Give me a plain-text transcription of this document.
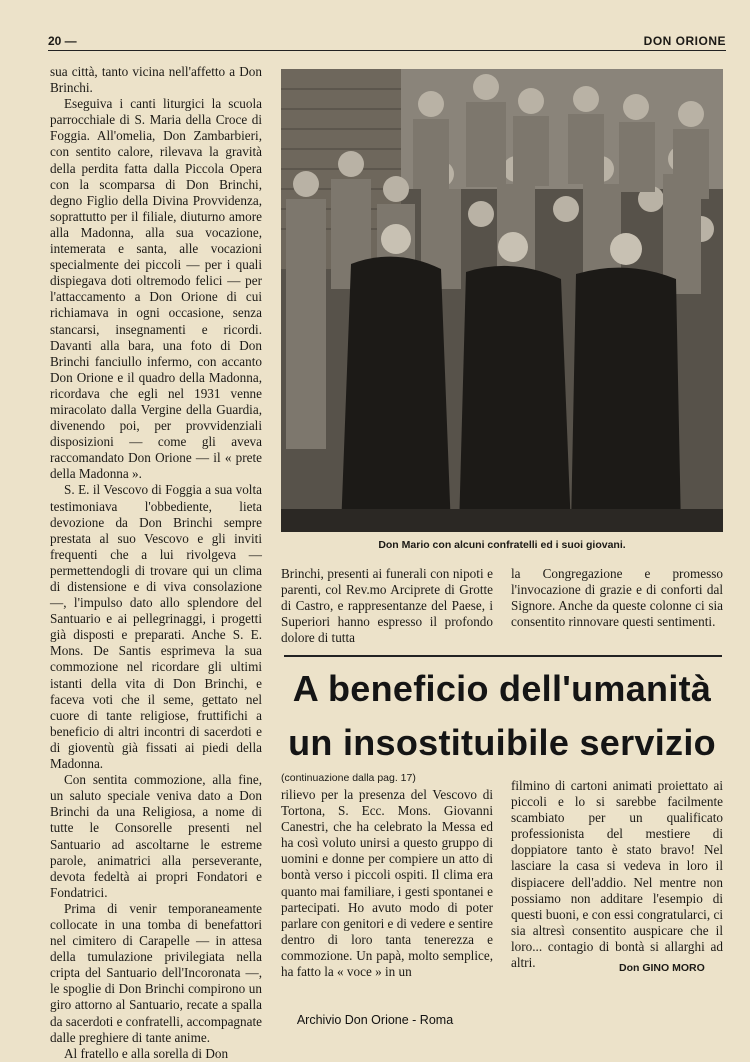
20 —	DON ORIONE

sua città, tanto vicina nell'affetto a Don Brinchi.

Eseguiva i canti liturgici la scuola parrocchiale di S. Maria della Croce di Foggia. All'omelia, Don Zambarbieri, con sentito calore, rilevava la gravità della perdita fatta dalla Piccola Opera con la scomparsa di Don Brinchi, degno Figlio della Divina Provvidenza, soprattutto per il filiale, diuturno amore alla Madonna, alla sua vocazione, intemerata e santa, alle vocazioni specialmente dei piccoli — per i quali dispiegava doti oltremodo felici — per l'attaccamento a Don Orione di cui richiamava in ogni occasione, senza stancarsi, insegnamenti e ricordi. Davanti alla bara, una foto di Don Brinchi fanciullo infermo, con accanto Don Orione e il quadro della Madonna, ricordava che egli nel 1931 venne miracolato dalla Vergine della Guardia, divenendo poi, per provvidenziali disposizioni — come gli aveva raccomandato Don Orione — il « prete della Madonna ».

S. E. il Vescovo di Foggia a sua volta testimoniava l'obbediente, lieta devozione da Don Brinchi sempre prestata al suo Vescovo e gli inviti frequenti che a lui rivolgeva — permettendogli di trovare qui un clima di distensione e di viva consolazione —, l'impulso dato allo splendore del Santuario e ai pellegrinaggi, i progetti già disposti e preparati. Anche S. E. Mons. De Santis esprimeva la sua commozione nel ricordare gli ultimi istanti della vita di Don Brinchi, e faceva voti che il seme, gettato nel cuore di tante religiose, fruttifichi a beneficio di altri incontri di sacerdoti e di gioventù già fissati ai piedi della Madonna.

Con sentita commozione, alla fine, un saluto speciale veniva dato a Don Brinchi da una Religiosa, a nome di tutte le Consorelle presenti nel Santuario ad ascoltarne le estreme parole, animatrici alla perseverante, devota fedeltà ai propri Fondatori e Fondatrici.

Prima di venir temporaneamente collocate in una tomba di benefattori nel cimitero di Carapelle — in attesa della tumulazione privilegiata nella cripta del Santuario dell'Incoronata —, le spoglie di Don Brinchi compirono un giro attorno al Santuario, recate a spalla da sacerdoti e confratelli, accompagnate dalle preghiere di tante anime.

Al fratello e alla sorella di Don

Don Mario con alcuni confratelli ed i suoi giovani.

Brinchi, presenti ai funerali con nipoti e parenti, col Rev.mo Arciprete di Grotte di Castro, e rappresentanze del Paese, i Superiori hanno espresso il profondo dolore di tutta

la Congregazione e promesso l'invocazione di grazie e di conforti dal Signore. Anche da queste colonne ci sia consentito rinnovare questi sentimenti.

A beneficio dell'umanità
un insostituibile servizio
(continuazione dalla pag. 17)

rilievo per la presenza del Vescovo di Tortona, S. Ecc. Mons. Giovanni Canestri, che ha celebrato la Messa ed ha così voluto unirsi a questo gruppo di uomini e donne per compiere un atto di bontà verso i piccoli ospiti. Il clima era quanto mai familiare, i gesti spontanei e partecipati. Ho avuto modo di poter parlare con genitori e di vedere e sentire dentro di loro tanta tenerezza e commozione. Un papà, molto semplice, ha fatto la « voce » in un

filmino di cartoni animati proiettato ai piccoli e lo si sarebbe facilmente scambiato per un qualificato professionista del mestiere di doppiatore tanto è stato bravo! Nel lasciare la casa si vedeva in loro il dispiacere dell'addio. Nel mentre non possiamo non additare l'esempio di questi buoni, e con essi congratularci, ci sia altresì consentito auspicare che il loro... contagio di bontà si allarghi ad altri.	Don GINO MORO
Archivio Don Orione - Roma
